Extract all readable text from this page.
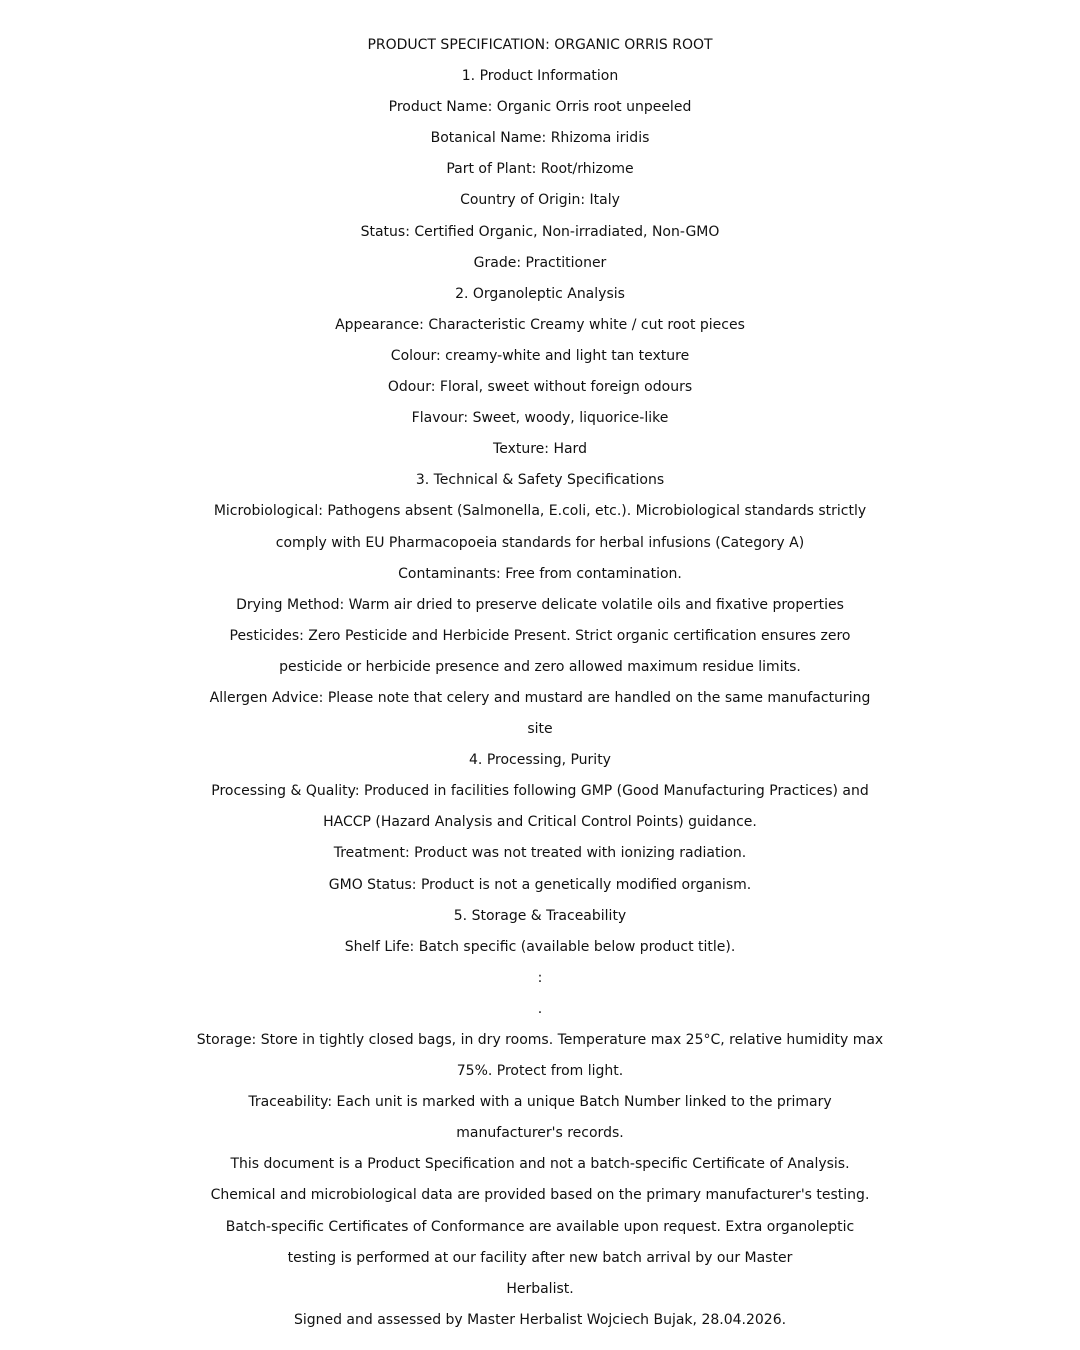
PRODUCT SPECIFICATION: ORGANIC ORRIS ROOT
1. Product Information
Product Name: Organic Orris root unpeeled
Botanical Name: Rhizoma iridis
Part of Plant: Root/rhizome
Country of Origin: Italy
Status: Certified Organic, Non-irradiated, Non-GMO
Grade: Practitioner
2. Organoleptic Analysis
Appearance: Characteristic Creamy white / cut root pieces
Colour: creamy-white and light tan texture
Odour: Floral, sweet without foreign odours
Flavour: Sweet, woody, liquorice-like
Texture: Hard
3. Technical & Safety Specifications
Microbiological: Pathogens absent (Salmonella, E.coli, etc.). Microbiological standards strictly
comply with EU Pharmacopoeia standards for herbal infusions (Category A)
Contaminants: Free from contamination.
Drying Method: Warm air dried to preserve delicate volatile oils and fixative properties
Pesticides: Zero Pesticide and Herbicide Present. Strict organic certification ensures zero
pesticide or herbicide presence and zero allowed maximum residue limits.
Allergen Advice: Please note that celery and mustard are handled on the same manufacturing
site
4. Processing, Purity
Processing & Quality: Produced in facilities following GMP (Good Manufacturing Practices) and
HACCP (Hazard Analysis and Critical Control Points) guidance.
Treatment: Product was not treated with ionizing radiation.
GMO Status: Product is not a genetically modified organism.
5. Storage & Traceability
Shelf Life: Batch specific (available below product title).
:
.
Storage: Store in tightly closed bags, in dry rooms. Temperature max 25°C, relative humidity max
75%. Protect from light.
Traceability: Each unit is marked with a unique Batch Number linked to the primary
manufacturer's records.
This document is a Product Specification and not a batch-specific Certificate of Analysis.
Chemical and microbiological data are provided based on the primary manufacturer's testing.
Batch-specific Certificates of Conformance are available upon request. Extra organoleptic
testing is performed at our facility after new batch arrival by our Master
Herbalist.
Signed and assessed by Master Herbalist Wojciech Bujak, 28.04.2026.
